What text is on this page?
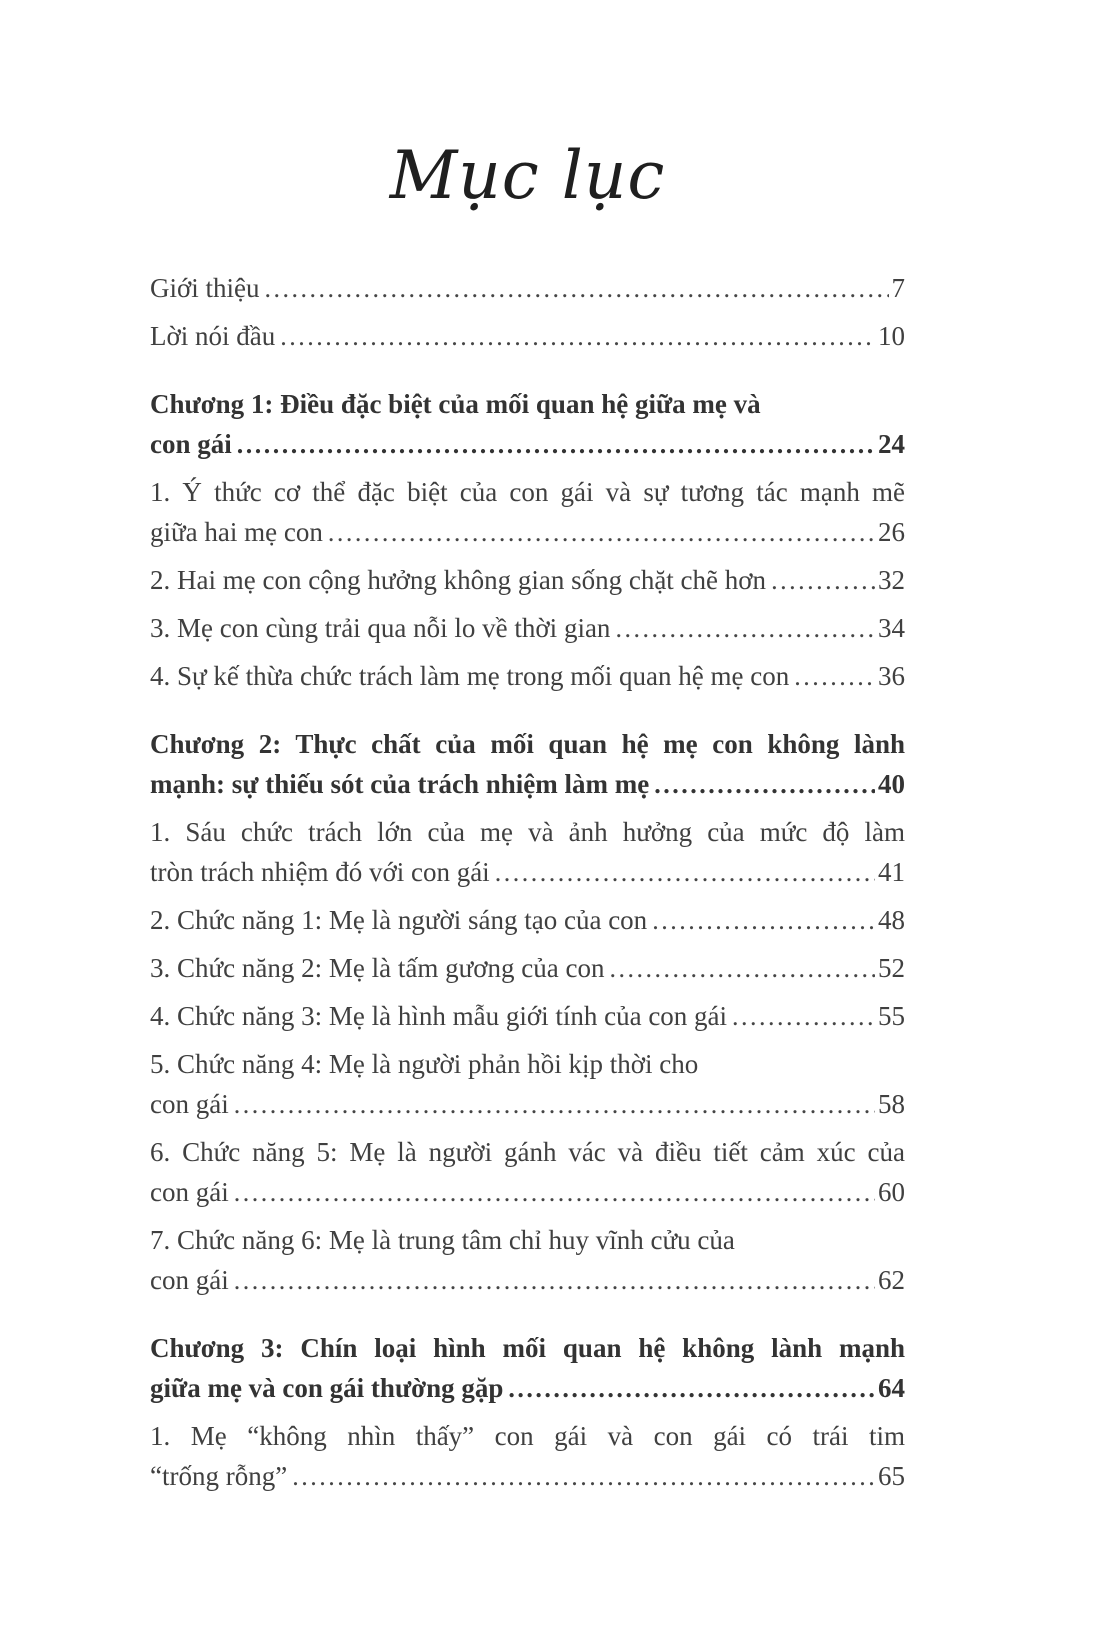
Mục lục
Giới thiệu .....	7
Lời nói đầu .....	10
Chương 1: Điều đặc biệt của mối quan hệ giữa mẹ và
con gái .....	24
1. Ý thức cơ thể đặc biệt của con gái và sự tương tác mạnh mẽ
giữa hai mẹ con .....	26
2. Hai mẹ con cộng hưởng không gian sống chặt chẽ hơn .....	32
3. Mẹ con cùng trải qua nỗi lo về thời gian .....	34
4. Sự kế thừa chức trách làm mẹ trong mối quan hệ mẹ con .....	36
Chương 2: Thực chất của mối quan hệ mẹ con không lành
mạnh: sự thiếu sót của trách nhiệm làm mẹ .....	40
1. Sáu chức trách lớn của mẹ và ảnh hưởng của mức độ làm
tròn trách nhiệm đó với con gái .....	41
2. Chức năng 1: Mẹ là người sáng tạo của con .....	48
3. Chức năng 2: Mẹ là tấm gương của con .....	52
4. Chức năng 3: Mẹ là hình mẫu giới tính của con gái .....	55
5. Chức năng 4: Mẹ là người phản hồi kịp thời cho
con gái .....	58
6. Chức năng 5: Mẹ là người gánh vác và điều tiết cảm xúc của
con gái .....	60
7. Chức năng 6: Mẹ là trung tâm chỉ huy vĩnh cửu của
con gái .....	62
Chương 3: Chín loại hình mối quan hệ không lành mạnh
giữa mẹ và con gái thường gặp .....	64
1. Mẹ “không nhìn thấy” con gái và con gái có trái tim
“trống rỗng” .....	65
